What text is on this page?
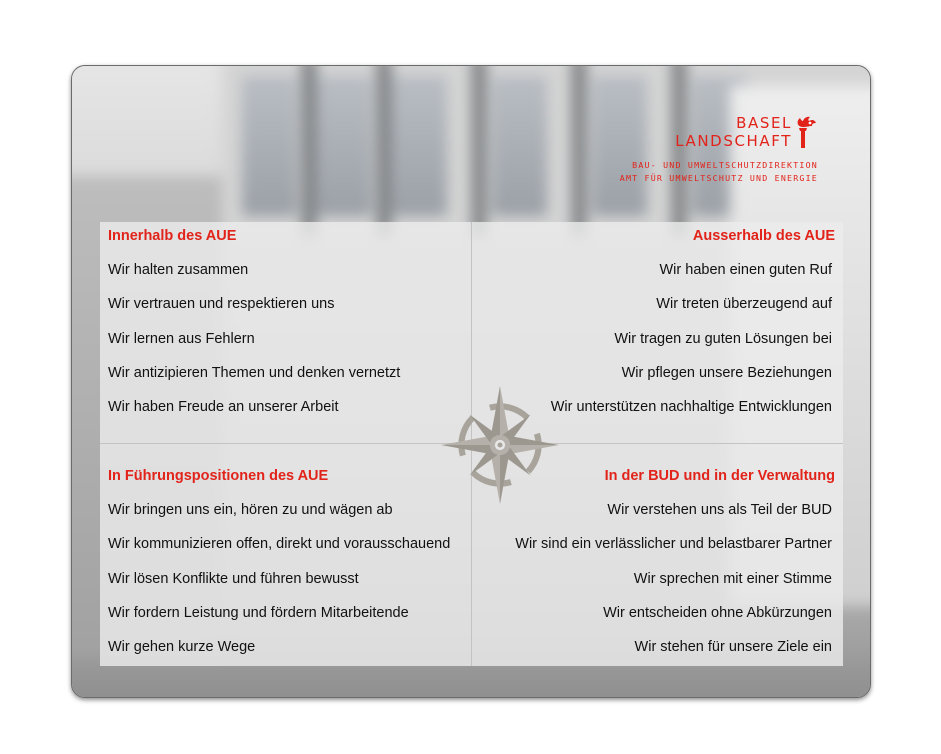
BASEL
LANDSCHAFT
BAU- UND UMWELTSCHUTZDIREKTION
AMT FÜR UMWELTSCHUTZ UND ENERGIE
Innerhalb des AUE
Wir halten zusammen
Wir vertrauen und respektieren uns
Wir lernen aus Fehlern
Wir antizipieren Themen und denken vernetzt
Wir haben Freude an unserer Arbeit
Ausserhalb des AUE
Wir haben einen guten Ruf
Wir treten überzeugend auf
Wir tragen zu guten Lösungen bei
Wir pflegen unsere Beziehungen
Wir unterstützen nachhaltige Entwicklungen
In Führungspositionen des AUE
Wir bringen uns ein, hören zu und wägen ab
Wir kommunizieren offen, direkt und vorausschauend
Wir lösen Konflikte und führen bewusst
Wir fordern Leistung und fördern Mitarbeitende
Wir gehen kurze Wege
In der BUD und in der Verwaltung
Wir verstehen uns als Teil der BUD
Wir sind ein verlässlicher und belastbarer Partner
Wir sprechen mit einer Stimme
Wir entscheiden ohne Abkürzungen
Wir stehen für unsere Ziele ein
